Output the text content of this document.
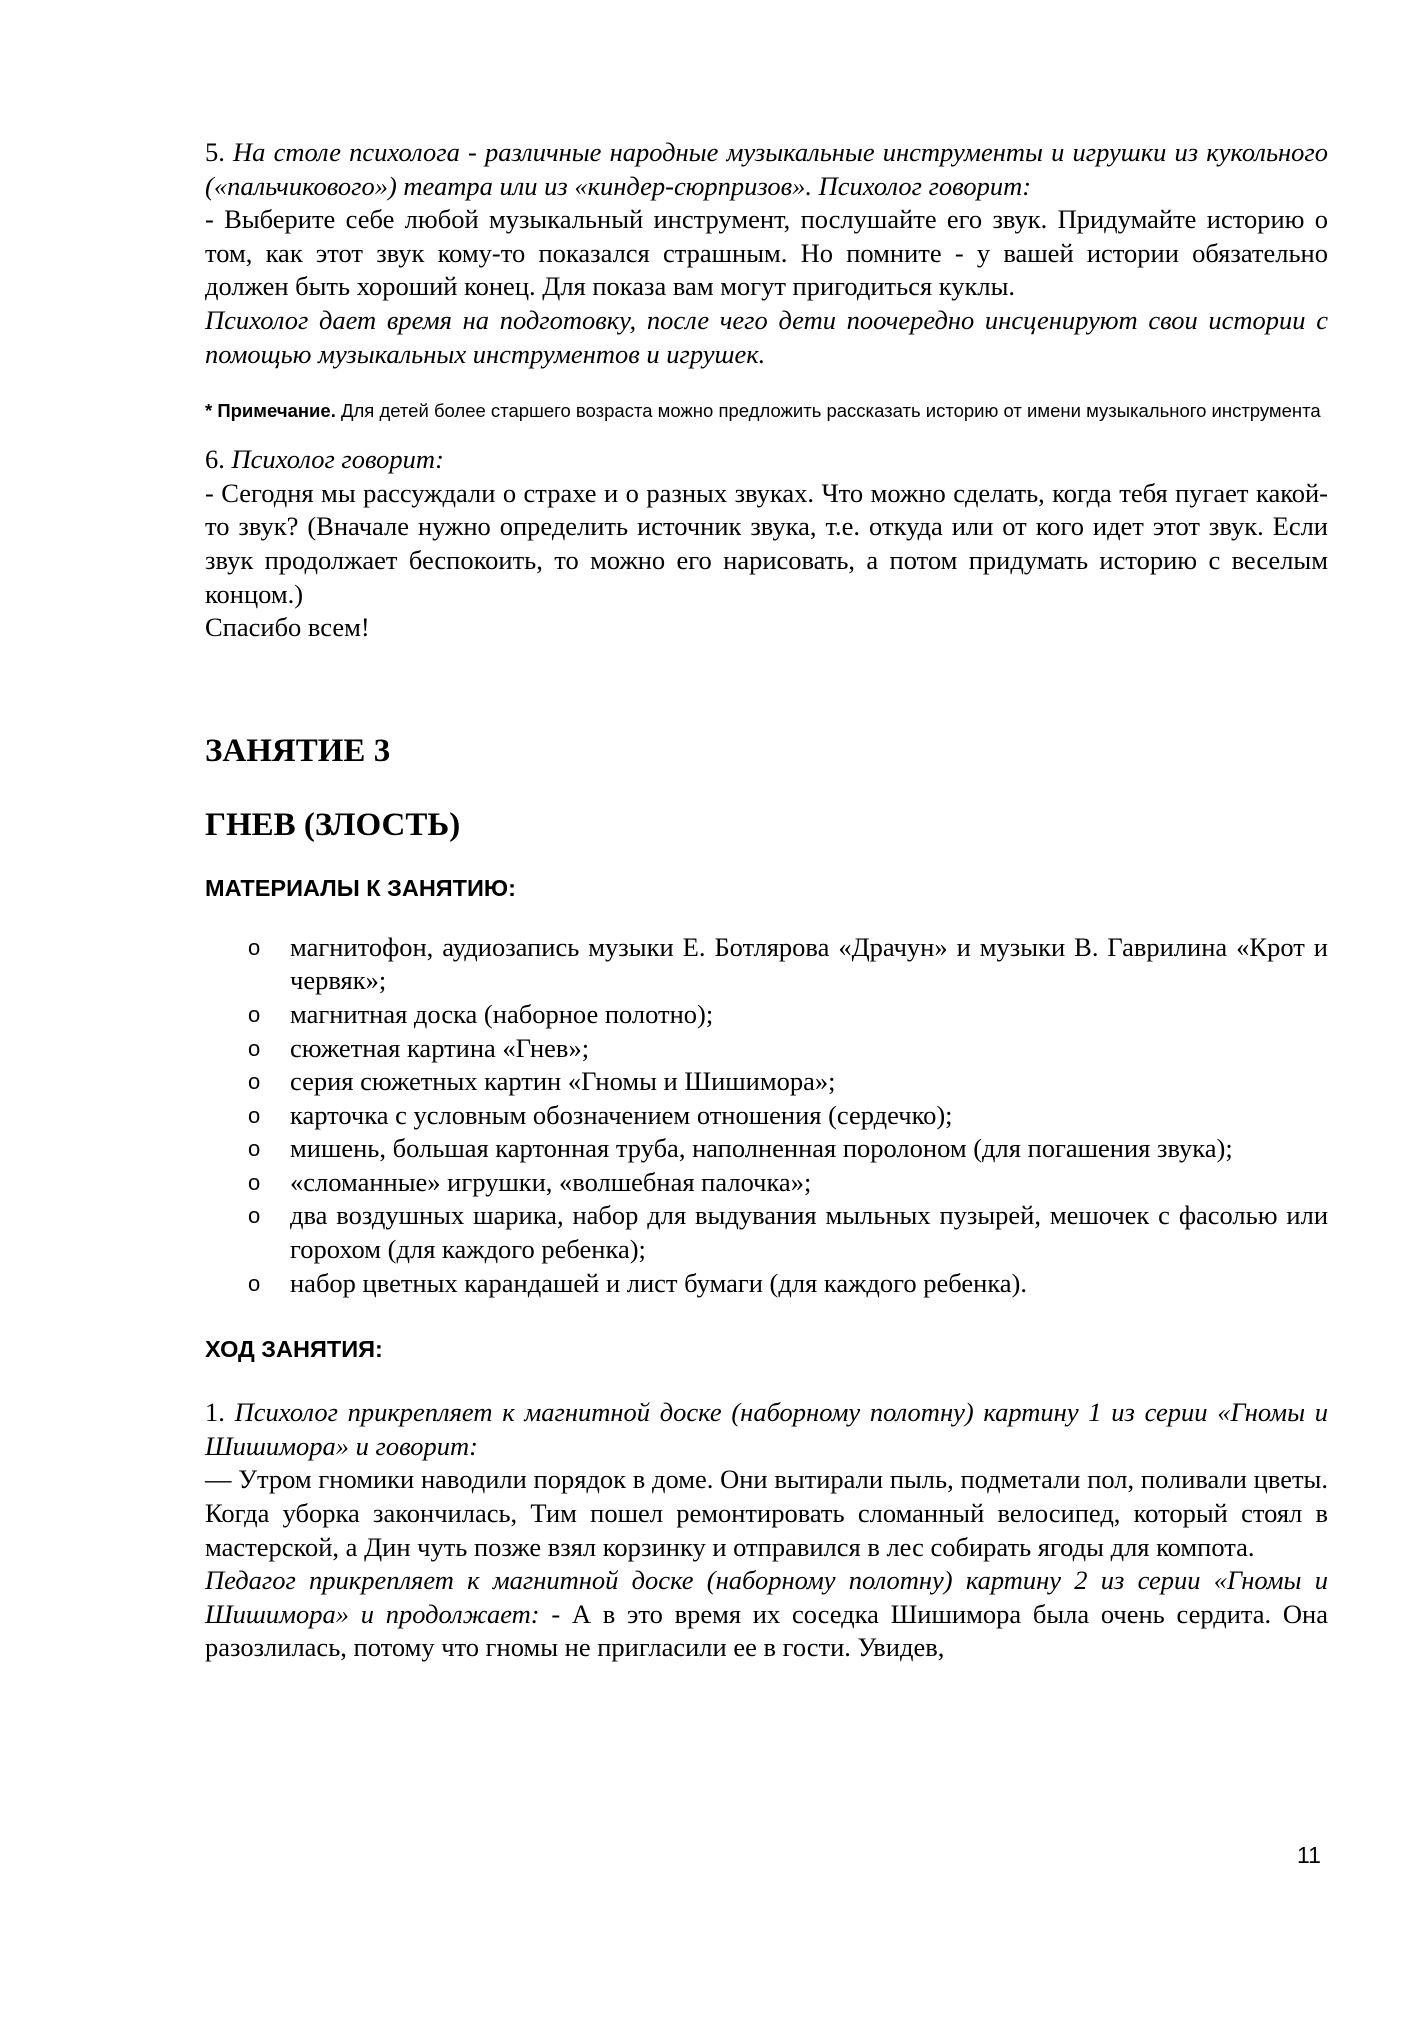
5. На столе психолога - различные народные музыкальные инструменты и игрушки из кукольного («пальчикового») театра или из «киндер-сюрпризов». Психолог говорит:

- Выберите себе любой музыкальный инструмент, послушайте его звук. Придумайте историю о том, как этот звук кому-то показался страшным. Но помните - у вашей истории обязательно должен быть хороший конец. Для показа вам могут пригодиться куклы.

Психолог дает время на подготовку, после чего дети поочередно инсценируют свои истории с помощью музыкальных инструментов и игрушек.

* Примечание. Для детей более старшего возраста можно предложить рассказать историю от имени музыкального инструмента

6. Психолог говорит:

- Сегодня мы рассуждали о страхе и о разных звуках. Что можно сделать, когда тебя пугает какой-то звук? (Вначале нужно определить источник звука, т.е. откуда или от кого идет этот звук. Если звук продолжает беспокоить, то можно его нарисовать, а потом придумать историю с веселым концом.)

Спасибо всем!

ЗАНЯТИЕ 3
ГНЕВ (ЗЛОСТЬ)
МАТЕРИАЛЫ К ЗАНЯТИЮ:
o магнитофон, аудиозапись музыки Е. Ботлярова «Драчун» и музыки В. Гаврилина «Крот и червяк»;
o магнитная доска (наборное полотно);
o сюжетная картина «Гнев»;
o серия сюжетных картин «Гномы и Шишимора»;
o карточка с условным обозначением отношения (сердечко);
o мишень, большая картонная труба, наполненная поролоном (для погашения звука);
o «сломанные» игрушки, «волшебная палочка»;
o два воздушных шарика, набор для выдувания мыльных пузырей, мешочек с фасолью или горохом (для каждого ребенка);
o набор цветных карандашей и лист бумаги (для каждого ребенка).
ХОД ЗАНЯТИЯ:

1. Психолог прикрепляет к магнитной доске (наборному полотну) картину 1 из серии «Гномы и Шишимора» и говорит:

— Утром гномики наводили порядок в доме. Они вытирали пыль, подметали пол, поливали цветы. Когда уборка закончилась, Тим пошел ремонтировать сломанный велосипед, который стоял в мастерской, а Дин чуть позже взял корзинку и отправился в лес собирать ягоды для компота.

Педагог прикрепляет к магнитной доске (наборному полотну) картину 2 из серии «Гномы и Шишимора» и продолжает: - А в это время их соседка Шишимора была очень сердита. Она разозлилась, потому что гномы не пригласили ее в гости. Увидев,

11
